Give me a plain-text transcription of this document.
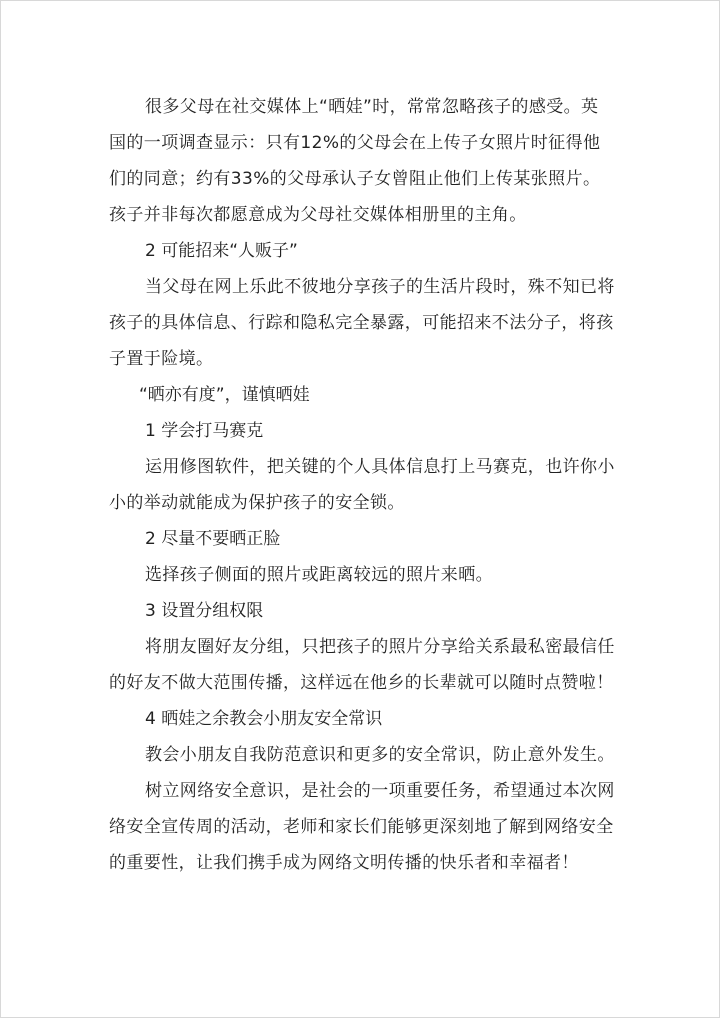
很多父母在社交媒体上“晒娃”时，常常忽略孩子的感受。英国的一项调查显示：只有12%的父母会在上传子女照片时征得他们的同意；约有33%的父母承认子女曾阻止他们上传某张照片。孩子并非每次都愿意成为父母社交媒体相册里的主角。

2 可能招来“人贩子”

当父母在网上乐此不彼地分享孩子的生活片段时，殊不知已将孩子的具体信息、行踪和隐私完全暴露，可能招来不法分子，将孩子置于险境。

“晒亦有度”，谨慎晒娃

1 学会打马赛克

运用修图软件，把关键的个人具体信息打上马赛克，也许你小小的举动就能成为保护孩子的安全锁。

2 尽量不要晒正脸

选择孩子侧面的照片或距离较远的照片来晒。

3 设置分组权限

将朋友圈好友分组，只把孩子的照片分享给关系最私密最信任的好友不做大范围传播，这样远在他乡的长辈就可以随时点赞啦！

4 晒娃之余教会小朋友安全常识

教会小朋友自我防范意识和更多的安全常识，防止意外发生。

树立网络安全意识，是社会的一项重要任务，希望通过本次网络安全宣传周的活动，老师和家长们能够更深刻地了解到网络安全的重要性，让我们携手成为网络文明传播的快乐者和幸福者！
